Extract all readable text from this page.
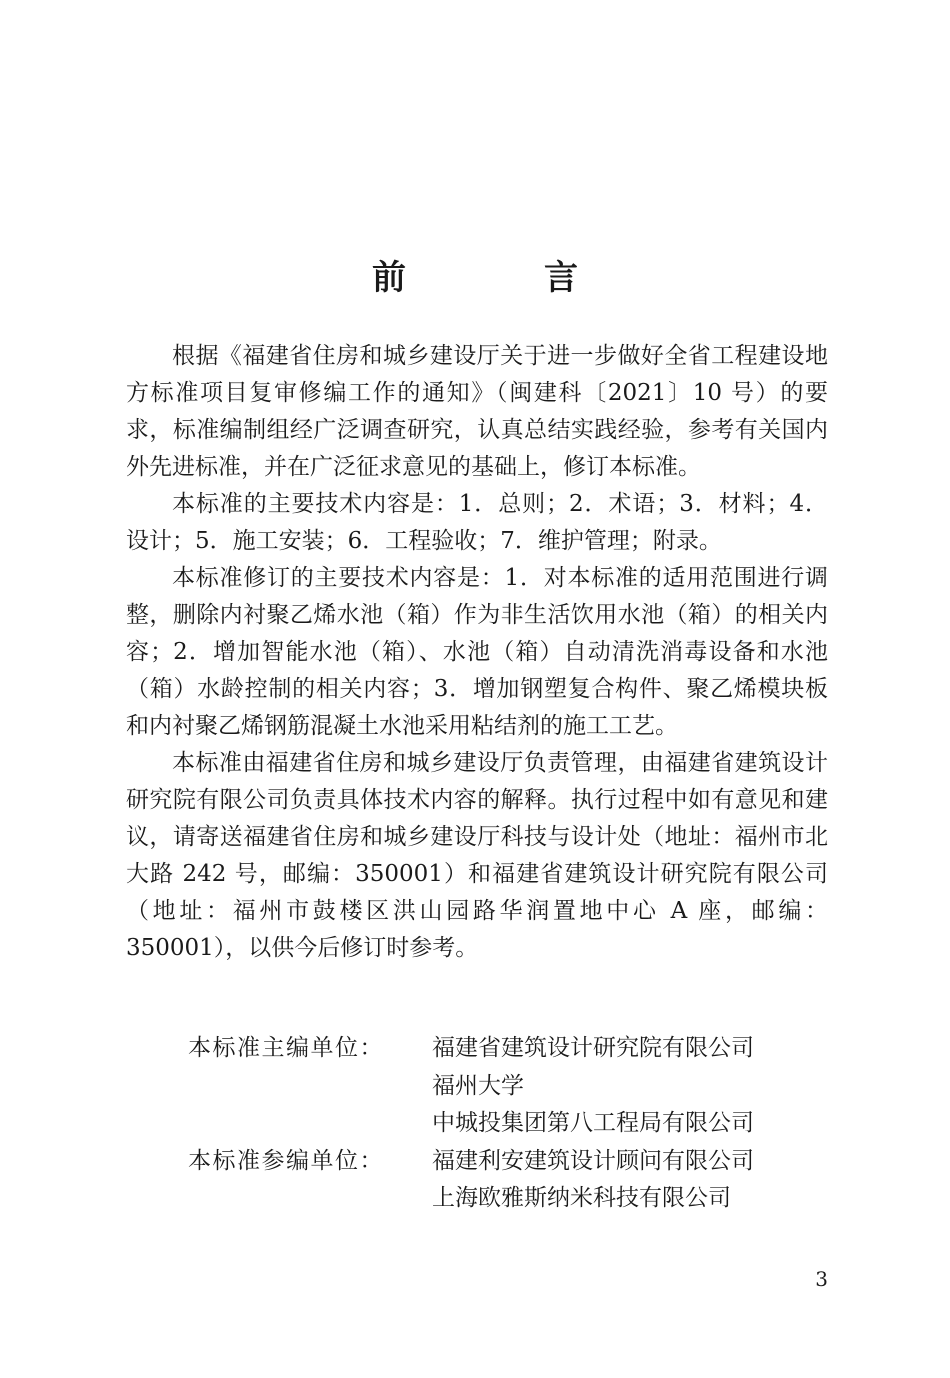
前　言

根据《福建省住房和城乡建设厅关于进一步做好全省工程建设地方标准项目复审修编工作的通知》（闽建科〔2021〕10 号）的要求，标准编制组经广泛调查研究，认真总结实践经验，参考有关国内外先进标准，并在广泛征求意见的基础上，修订本标准。

本标准的主要技术内容是：1．总则；2．术语；3．材料；4．设计；5．施工安装；6．工程验收；7．维护管理；附录。

本标准修订的主要技术内容是：1．对本标准的适用范围进行调整，删除内衬聚乙烯水池（箱）作为非生活饮用水池（箱）的相关内容；2．增加智能水池（箱）、水池（箱）自动清洗消毒设备和水池（箱）水龄控制的相关内容；3．增加钢塑复合构件、聚乙烯模块板和内衬聚乙烯钢筋混凝土水池采用粘结剂的施工工艺。

本标准由福建省住房和城乡建设厅负责管理，由福建省建筑设计研究院有限公司负责具体技术内容的解释。执行过程中如有意见和建议，请寄送福建省住房和城乡建设厅科技与设计处（地址：福州市北大路 242 号，邮编：350001）和福建省建筑设计研究院有限公司（地址：福州市鼓楼区洪山园路华润置地中心 A 座，邮编：350001），以供今后修订时参考。

本标准主编单位：	福建省建筑设计研究院有限公司
福州大学
中城投集团第八工程局有限公司
本标准参编单位：	福建利安建筑设计顾问有限公司
上海欧雅斯纳米科技有限公司
3
